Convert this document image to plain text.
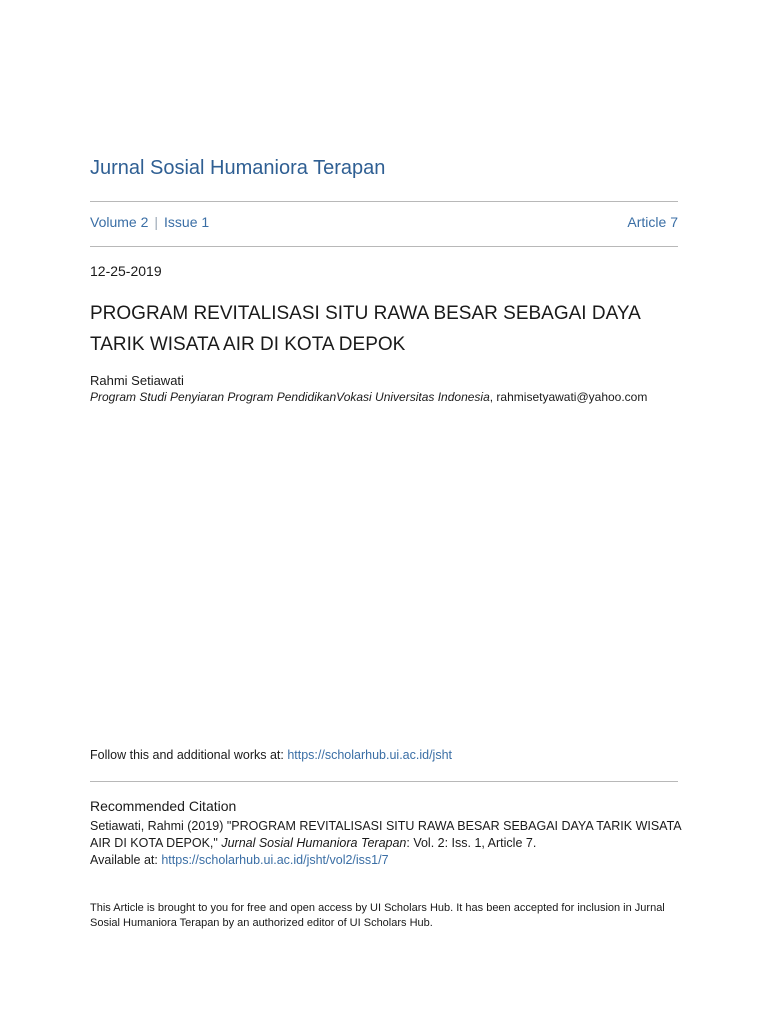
Jurnal Sosial Humaniora Terapan
Volume 2 | Issue 1	Article 7
12-25-2019
PROGRAM REVITALISASI SITU RAWA BESAR SEBAGAI DAYA TARIK WISATA AIR DI KOTA DEPOK
Rahmi Setiawati
Program Studi Penyiaran Program PendidikanVokasi Universitas Indonesia, rahmisetyawati@yahoo.com
Follow this and additional works at: https://scholarhub.ui.ac.id/jsht
Recommended Citation
Setiawati, Rahmi (2019) "PROGRAM REVITALISASI SITU RAWA BESAR SEBAGAI DAYA TARIK WISATA AIR DI KOTA DEPOK," Jurnal Sosial Humaniora Terapan: Vol. 2: Iss. 1, Article 7.
Available at: https://scholarhub.ui.ac.id/jsht/vol2/iss1/7
This Article is brought to you for free and open access by UI Scholars Hub. It has been accepted for inclusion in Jurnal Sosial Humaniora Terapan by an authorized editor of UI Scholars Hub.
